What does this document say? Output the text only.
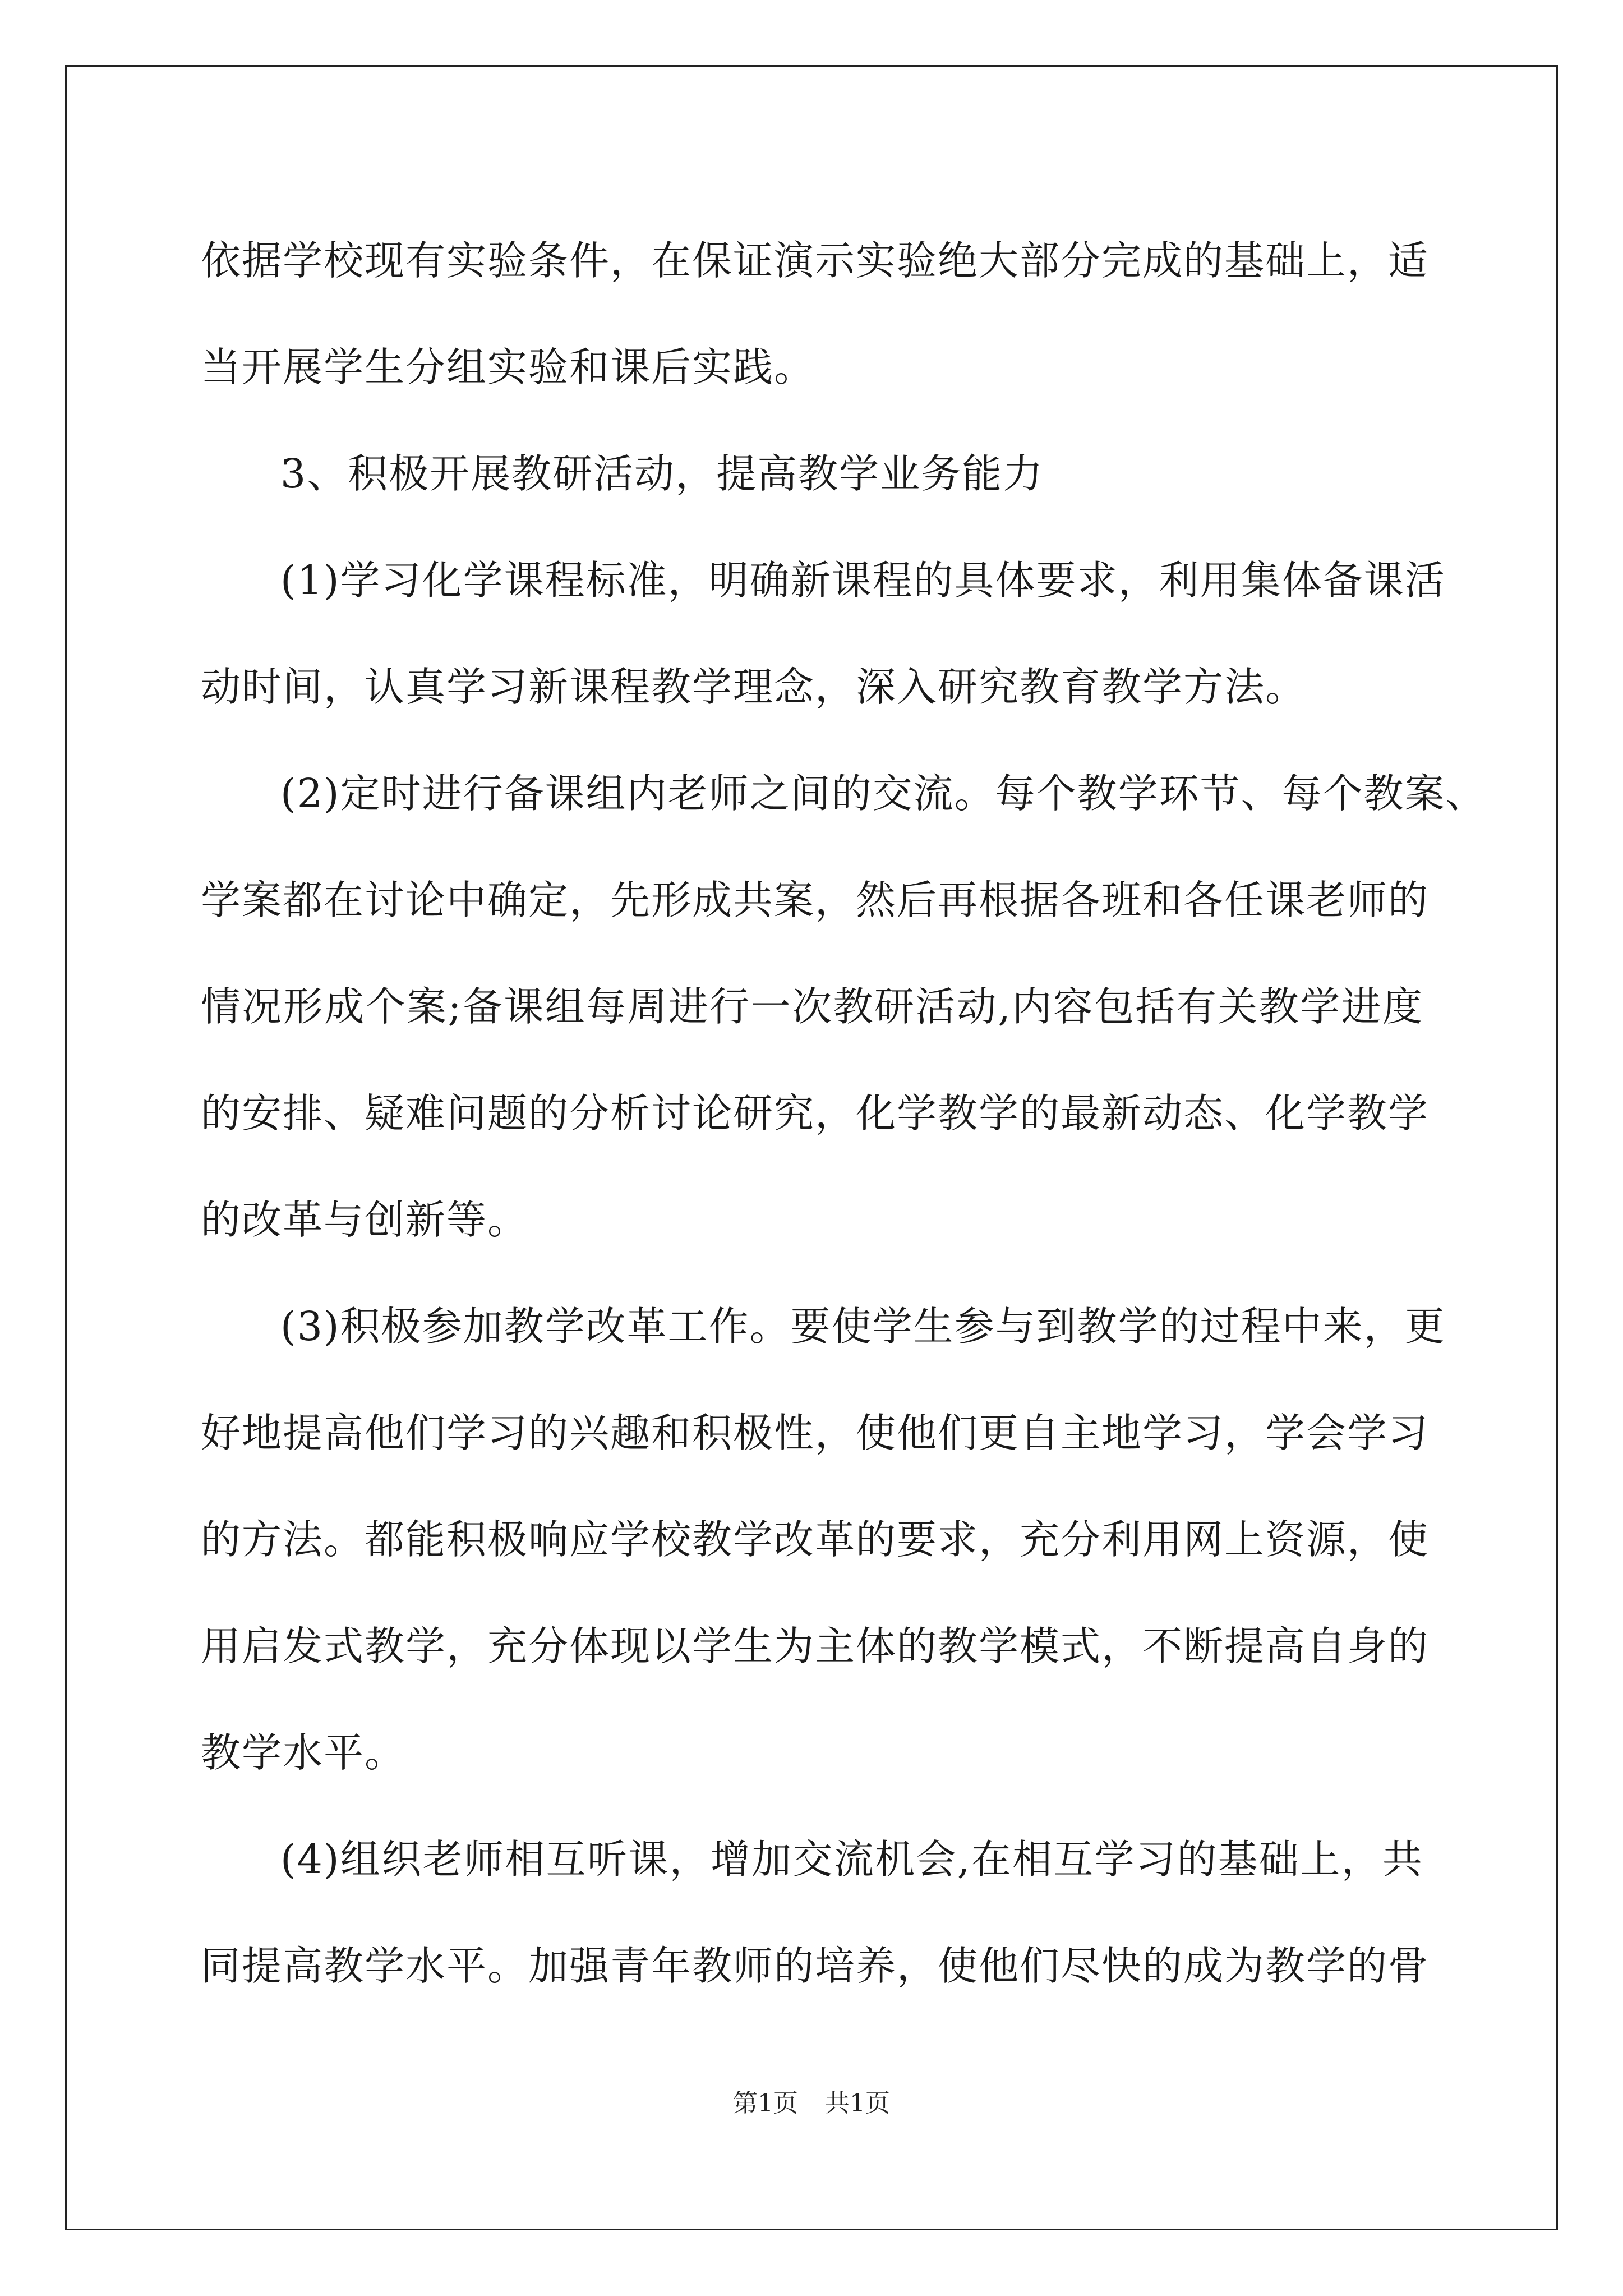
依据学校现有实验条件，在保证演示实验绝大部分完成的基础上，适
当开展学生分组实验和课后实践。
3、积极开展教研活动，提高教学业务能力
(1)学习化学课程标准，明确新课程的具体要求，利用集体备课活
动时间，认真学习新课程教学理念，深入研究教育教学方法。
(2)定时进行备课组内老师之间的交流。每个教学环节、每个教案、
学案都在讨论中确定，先形成共案，然后再根据各班和各任课老师的
情况形成个案;备课组每周进行一次教研活动,内容包括有关教学进度
的安排、疑难问题的分析讨论研究，化学教学的最新动态、化学教学
的改革与创新等。
(3)积极参加教学改革工作。要使学生参与到教学的过程中来，更
好地提高他们学习的兴趣和积极性，使他们更自主地学习，学会学习
的方法。都能积极响应学校教学改革的要求，充分利用网上资源，使
用启发式教学，充分体现以学生为主体的教学模式，不断提高自身的
教学水平。
(4)组织老师相互听课，增加交流机会,在相互学习的基础上，共
同提高教学水平。加强青年教师的培养，使他们尽快的成为教学的骨
第1页 共1页
